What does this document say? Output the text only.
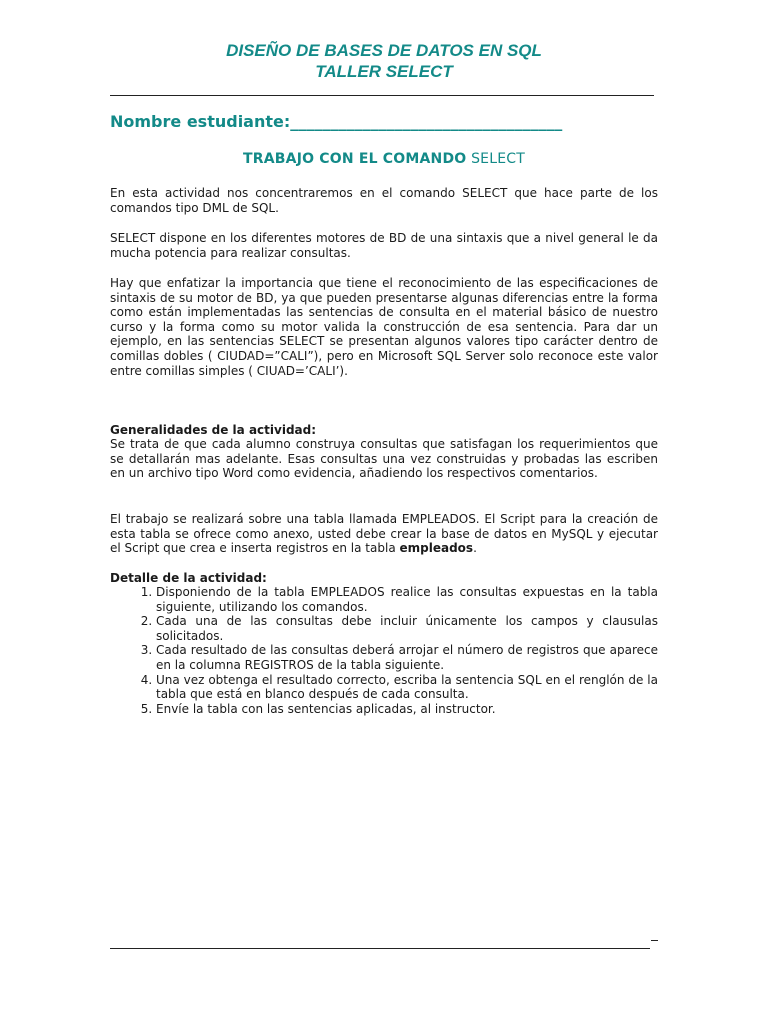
DISEÑO DE BASES DE DATOS EN SQL
TALLER SELECT
Nombre estudiante:__________________________________
TRABAJO CON EL COMANDO SELECT
En esta actividad nos concentraremos en el comando SELECT que hace parte de los comandos tipo DML de SQL.
SELECT dispone en los diferentes motores de BD de una sintaxis que a nivel general le da mucha potencia para realizar consultas.
Hay que enfatizar la importancia que tiene el reconocimiento de las especificaciones de sintaxis de su motor de BD, ya que pueden presentarse algunas diferencias entre la forma como están implementadas las sentencias de consulta en el material básico de nuestro curso y la forma como su motor valida la construcción de esa sentencia. Para dar un ejemplo, en las sentencias SELECT se presentan algunos valores tipo carácter dentro de comillas dobles ( CIUDAD=”CALI”), pero en Microsoft SQL Server solo reconoce este valor entre comillas simples ( CIUAD=’CALI’).
Generalidades de la actividad:
Se trata de que cada alumno construya consultas que satisfagan los requerimientos que se detallarán mas adelante. Esas consultas una vez construidas y probadas las escriben en un archivo tipo Word como evidencia, añadiendo los respectivos comentarios.
El trabajo se realizará sobre una tabla llamada EMPLEADOS. El Script para la creación de esta tabla se ofrece como anexo, usted debe crear la base de datos en MySQL y ejecutar el Script que crea e inserta registros en la tabla empleados.
Detalle de la actividad:
1. Disponiendo de la tabla EMPLEADOS realice las consultas expuestas en la tabla siguiente, utilizando los comandos.
2. Cada una de las consultas debe incluir únicamente los campos y clausulas solicitados.
3. Cada resultado de las consultas deberá arrojar el número de registros que aparece en la columna REGISTROS de la tabla siguiente.
4. Una vez obtenga el resultado correcto, escriba la sentencia SQL en el renglón de la tabla que está en blanco después de cada consulta.
5. Envíe la tabla con las sentencias aplicadas, al instructor.
